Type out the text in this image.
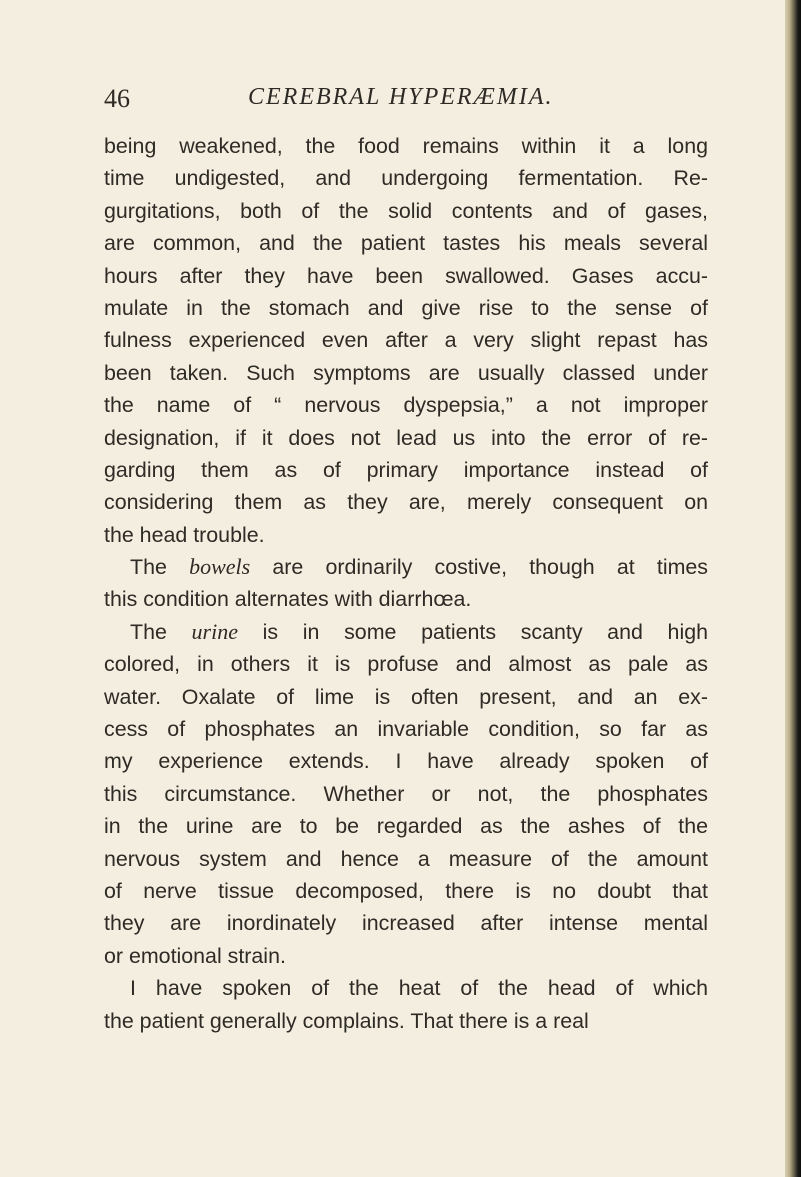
46	CEREBRAL HYPERÆMIA.
being weakened, the food remains within it a long
time undigested, and undergoing fermentation. Re-
gurgitations, both of the solid contents and of gases,
are common, and the patient tastes his meals several
hours after they have been swallowed. Gases accu-
mulate in the stomach and give rise to the sense of
fulness experienced even after a very slight repast has
been taken. Such symptoms are usually classed under
the name of “ nervous dyspepsia,” a not improper
designation, if it does not lead us into the error of re-
garding them as of primary importance instead of
considering them as they are, merely consequent on
the head trouble.
The bowels are ordinarily costive, though at times
this condition alternates with diarrhœa.
The urine is in some patients scanty and high
colored, in others it is profuse and almost as pale as
water. Oxalate of lime is often present, and an ex-
cess of phosphates an invariable condition, so far as
my experience extends. I have already spoken of
this circumstance. Whether or not, the phosphates
in the urine are to be regarded as the ashes of the
nervous system and hence a measure of the amount
of nerve tissue decomposed, there is no doubt that
they are inordinately increased after intense mental
or emotional strain.
I have spoken of the heat of the head of which
the patient generally complains. That there is a real
